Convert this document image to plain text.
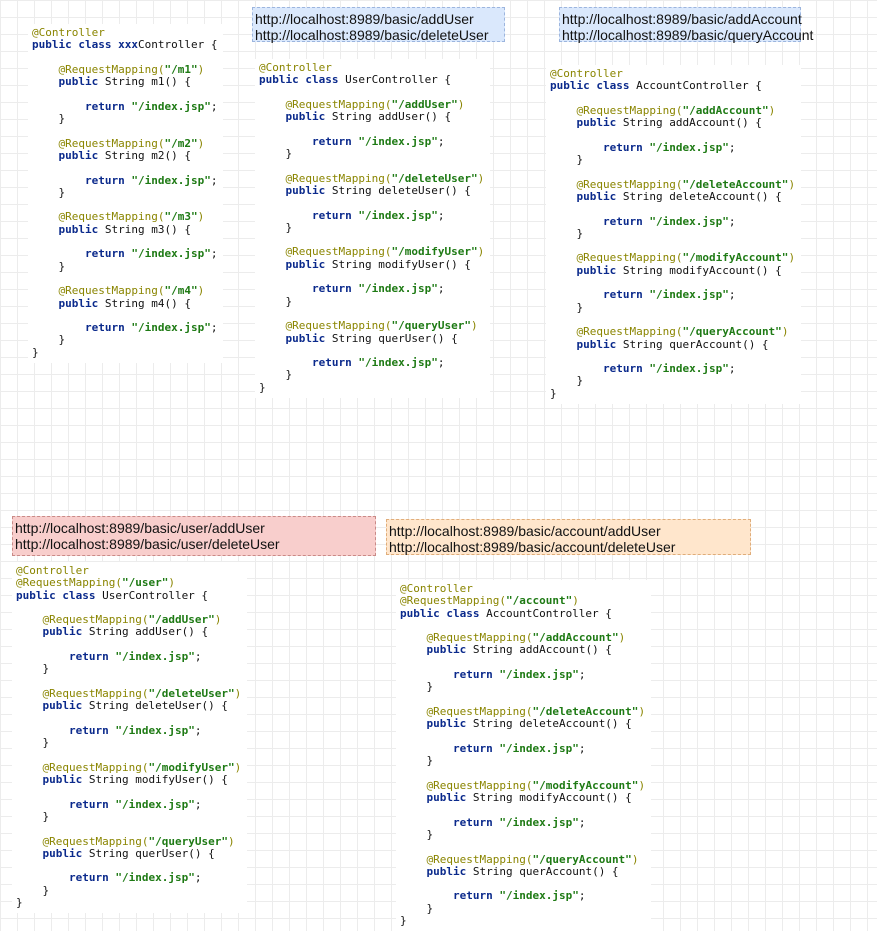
http://localhost:8989/basic/addUser
http://localhost:8989/basic/deleteUser
http://localhost:8989/basic/addAccount
http://localhost:8989/basic/queryAccount
http://localhost:8989/basic/user/addUser
http://localhost:8989/basic/user/deleteUser
http://localhost:8989/basic/account/addUser
http://localhost:8989/basic/account/deleteUser
@Controller
public class xxxController {

@RequestMapping("/m1")
public String m1() {

return "/index.jsp";
}

@RequestMapping("/m2")
public String m2() {

return "/index.jsp";
}

@RequestMapping("/m3")
public String m3() {

return "/index.jsp";
}

@RequestMapping("/m4")
public String m4() {

return "/index.jsp";
}
}
@Controller
public class UserController {

@RequestMapping("/addUser")
public String addUser() {

return "/index.jsp";
}

@RequestMapping("/deleteUser")
public String deleteUser() {

return "/index.jsp";
}

@RequestMapping("/modifyUser")
public String modifyUser() {

return "/index.jsp";
}

@RequestMapping("/queryUser")
public String querUser() {

return "/index.jsp";
}
}
@Controller
public class AccountController {

@RequestMapping("/addAccount")
public String addAccount() {

return "/index.jsp";
}

@RequestMapping("/deleteAccount")
public String deleteAccount() {

return "/index.jsp";
}

@RequestMapping("/modifyAccount")
public String modifyAccount() {

return "/index.jsp";
}

@RequestMapping("/queryAccount")
public String querAccount() {

return "/index.jsp";
}
}
@Controller
@RequestMapping("/user")
public class UserController {

@RequestMapping("/addUser")
public String addUser() {

return "/index.jsp";
}

@RequestMapping("/deleteUser")
public String deleteUser() {

return "/index.jsp";
}

@RequestMapping("/modifyUser")
public String modifyUser() {

return "/index.jsp";
}

@RequestMapping("/queryUser")
public String querUser() {

return "/index.jsp";
}
}
@Controller
@RequestMapping("/account")
public class AccountController {

@RequestMapping("/addAccount")
public String addAccount() {

return "/index.jsp";
}

@RequestMapping("/deleteAccount")
public String deleteAccount() {

return "/index.jsp";
}

@RequestMapping("/modifyAccount")
public String modifyAccount() {

return "/index.jsp";
}

@RequestMapping("/queryAccount")
public String querAccount() {

return "/index.jsp";
}
}
